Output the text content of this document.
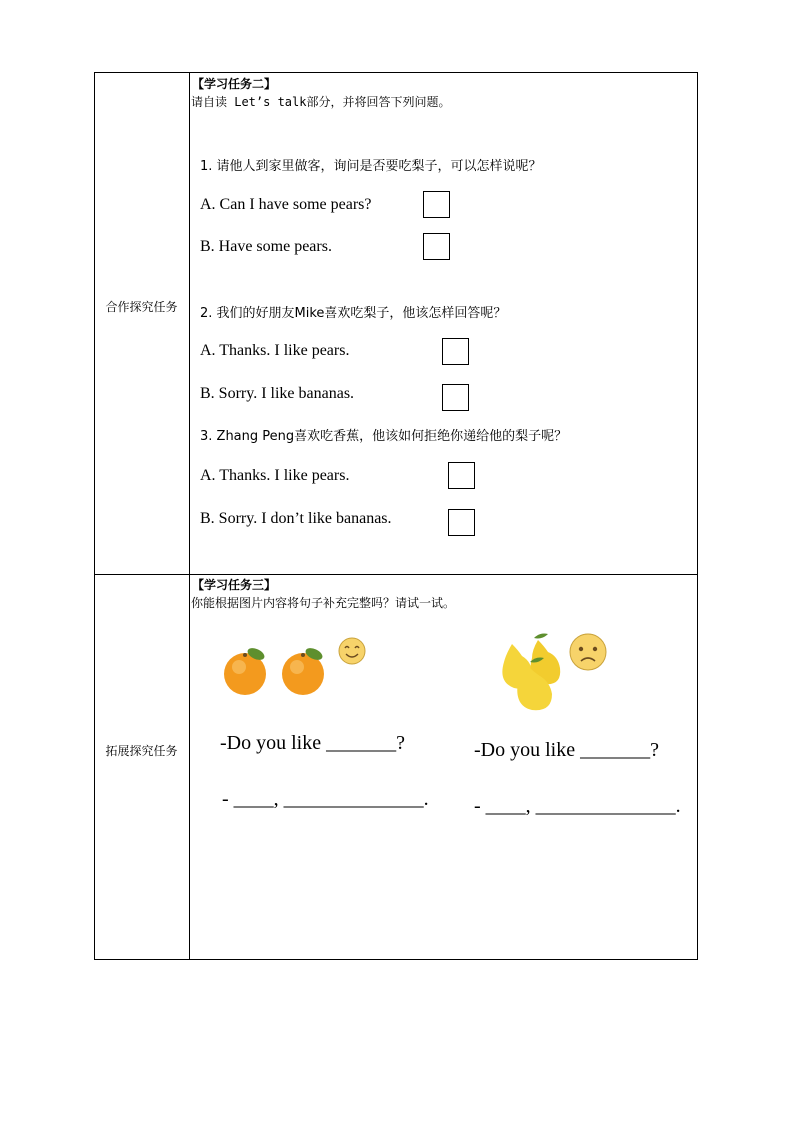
合作探究任务
拓展探究任务
【学习任务二】
请自读 Let’s talk部分，并将回答下列问题。
1. 请他人到家里做客，询问是否要吃梨子，可以怎样说呢？
A. Can I have some pears?
B. Have some pears.
2. 我们的好朋友Mike喜欢吃梨子，他该怎样回答呢？
A. Thanks. I like pears.
B. Sorry. I like bananas.
3. Zhang Peng喜欢吃香蕉，他该如何拒绝你递给他的梨子呢？
A. Thanks. I like pears.
B. Sorry. I don’t like bananas.
【学习任务三】
你能根据图片内容将句子补充完整吗？请试一试。
-Do you like _______?
- ____, ______________.
-Do you like _______?
- ____, ______________.
